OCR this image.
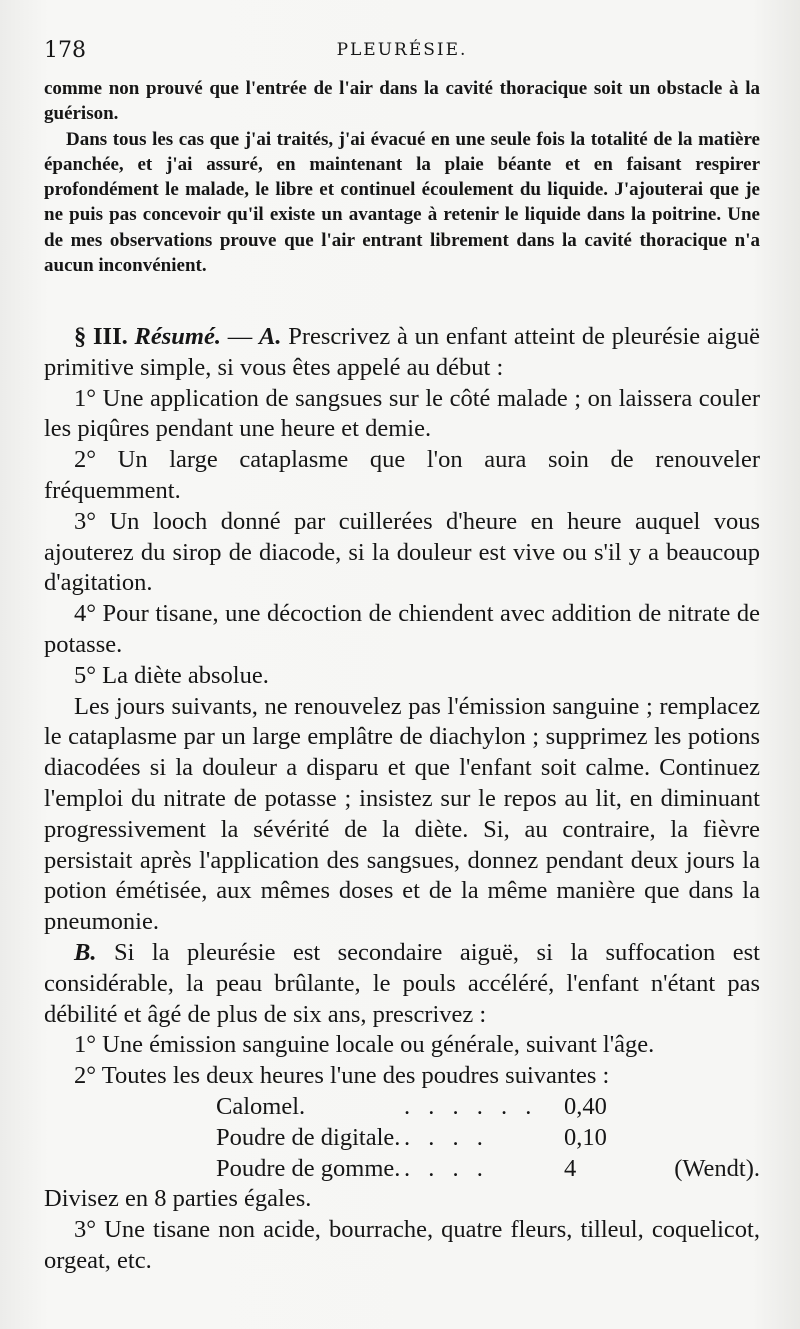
178	PLEURÉSIE.

comme non prouvé que l'entrée de l'air dans la cavité thoracique soit un obstacle à la guérison.

Dans tous les cas que j'ai traités, j'ai évacué en une seule fois la totalité de la matière épanchée, et j'ai assuré, en maintenant la plaie béante et en faisant respirer profondément le malade, le libre et continuel écoulement du liquide. J'ajouterai que je ne puis pas concevoir qu'il existe un avantage à retenir le liquide dans la poitrine. Une de mes observations prouve que l'air entrant librement dans la cavité thoracique n'a aucun inconvénient.

§ III. Résumé. — A. Prescrivez à un enfant atteint de pleurésie aiguë primitive simple, si vous êtes appelé au début :

1° Une application de sangsues sur le côté malade ; on laissera couler les piqûres pendant une heure et demie.

2° Un large cataplasme que l'on aura soin de renouveler fréquemment.

3° Un looch donné par cuillerées d'heure en heure auquel vous ajouterez du sirop de diacode, si la douleur est vive ou s'il y a beaucoup d'agitation.

4° Pour tisane, une décoction de chiendent avec addition de nitrate de potasse.

5° La diète absolue.

Les jours suivants, ne renouvelez pas l'émission sanguine ; remplacez le cataplasme par un large emplâtre de diachylon ; supprimez les potions diacodées si la douleur a disparu et que l'enfant soit calme. Continuez l'emploi du nitrate de potasse ; insistez sur le repos au lit, en diminuant progressivement la sévérité de la diète. Si, au contraire, la fièvre persistait après l'application des sangsues, donnez pendant deux jours la potion émétisée, aux mêmes doses et de la même manière que dans la pneumonie.

B. Si la pleurésie est secondaire aiguë, si la suffocation est considérable, la peau brûlante, le pouls accéléré, l'enfant n'étant pas débilité et âgé de plus de six ans, prescrivez :

1° Une émission sanguine locale ou générale, suivant l'âge.

2° Toutes les deux heures l'une des poudres suivantes :

Calomel.	. . . . . .	0,40
Poudre de digitale. . . . .	0,10
Poudre de gomme. . . . .	4	(Wendt).

Divisez en 8 parties égales.

3° Une tisane non acide, bourrache, quatre fleurs, tilleul, coquelicot, orgeat, etc.
